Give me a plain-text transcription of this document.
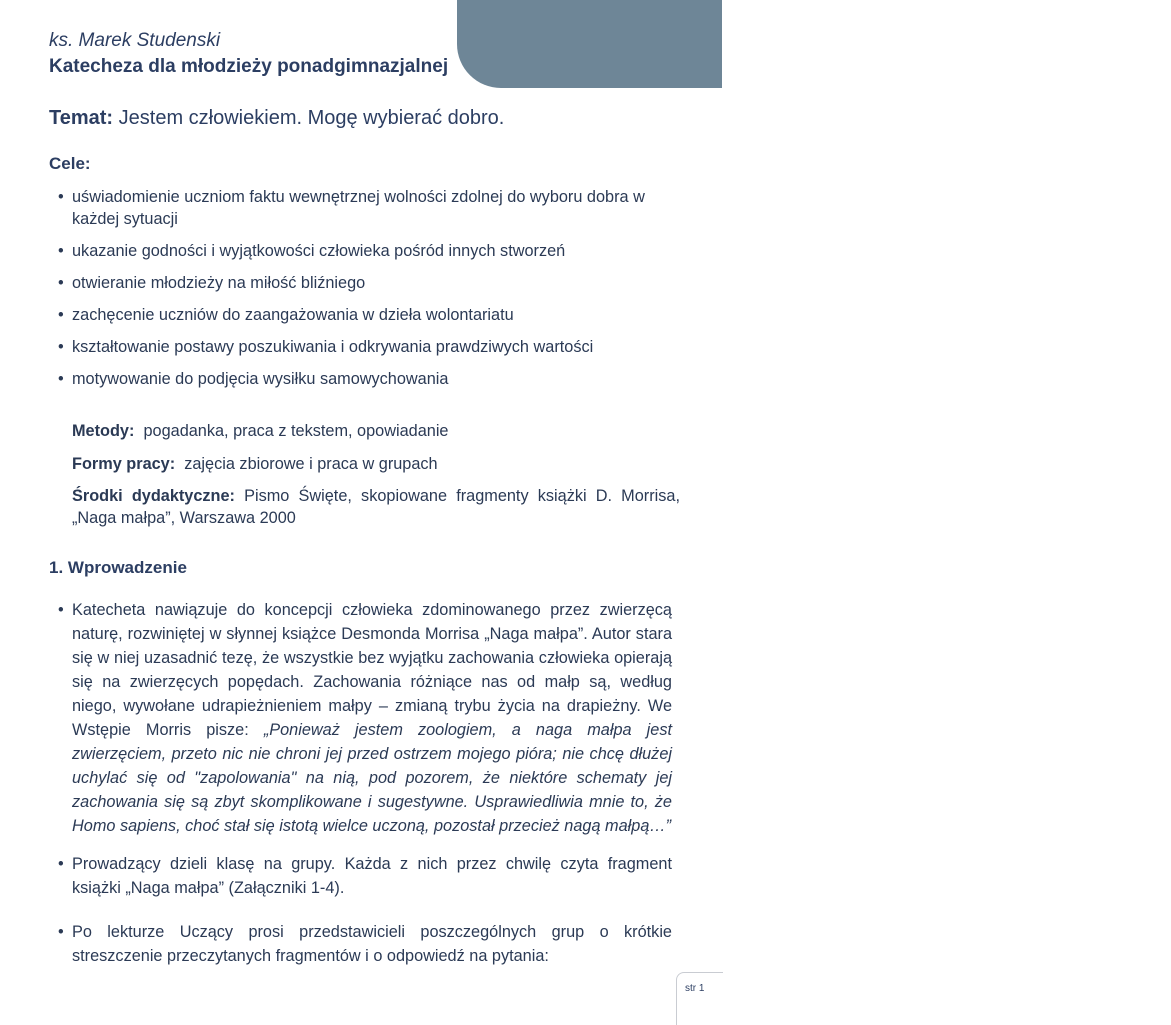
Katechezy o wychowaniu
dla dzieci i młodzieży
/dla katechetów/
ks. Marek Studenski
Katecheza dla młodzieży ponadgimnazjalnej
Temat: Jestem człowiekiem. Mogę wybierać dobro.
Cele:
• uświadomienie uczniom faktu wewnętrznej wolności zdolnej do wyboru dobra w każdej sytuacji
• ukazanie godności i wyjątkowości człowieka pośród innych stworzeń
• otwieranie młodzieży na miłość bliźniego
• zachęcenie uczniów do zaangażowania w dzieła wolontariatu
• kształtowanie postawy poszukiwania i odkrywania prawdziwych wartości
• motywowanie do podjęcia wysiłku samowychowania
Metody: pogadanka, praca z tekstem, opowiadanie
Formy pracy: zajęcia zbiorowe i praca w grupach
Środki dydaktyczne: Pismo Święte, skopiowane fragmenty książki D. Morrisa, „Naga małpa”, Warszawa 2000
1. Wprowadzenie
• Katecheta nawiązuje do koncepcji człowieka zdominowanego przez zwierzęcą naturę, rozwiniętej w słynnej książce Desmonda Morrisa „Naga małpa”. Autor stara się w niej uzasadnić tezę, że wszystkie bez wyjątku zachowania człowieka opierają się na zwierzęcych popędach. Zachowania różniące nas od małp są, według niego, wywołane udrapieżnieniem małpy – zmianą trybu życia na drapieżny. We Wstępie Morris pisze: „Ponieważ jestem zoologiem, a naga małpa jest zwierzęciem, przeto nic nie chroni jej przed ostrzem mojego pióra; nie chcę dłużej uchylać się od "zapolowania" na nią, pod pozorem, że niektóre schematy jej zachowania się są zbyt skomplikowane i sugestywne. Usprawiedliwia mnie to, że Homo sapiens, choć stał się istotą wielce uczoną, pozostał przecież nagą małpą…”
• Prowadzący dzieli klasę na grupy. Każda z nich przez chwilę czyta fragment książki „Naga małpa” (Załączniki 1-4).
• Po lekturze Uczący prosi przedstawicieli poszczególnych grup o krótkie streszczenie przeczytanych fragmentów i o odpowiedź na pytania:
str 1
